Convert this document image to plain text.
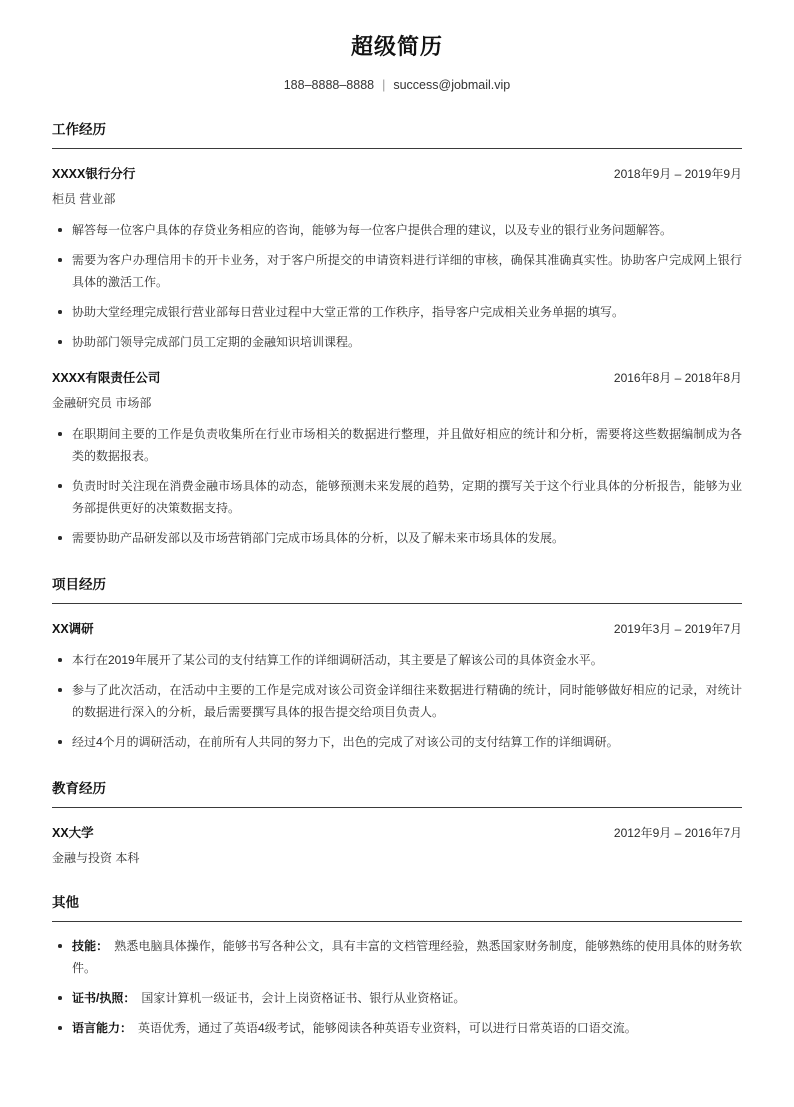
超级简历
188–8888–8888 | success@jobmail.vip
工作经历
XXXX银行分行	2018年9月 – 2019年9月
柜员 营业部
解答每一位客户具体的存贷业务相应的咨询，能够为每一位客户提供合理的建议，以及专业的银行业务问题解答。
需要为客户办理信用卡的开卡业务，对于客户所提交的申请资料进行详细的审核，确保其准确真实性。协助客户完成网上银行具体的激活工作。
协助大堂经理完成银行营业部每日营业过程中大堂正常的工作秩序，指导客户完成相关业务单据的填写。
协助部门领导完成部门员工定期的金融知识培训课程。
XXXX有限责任公司	2016年8月 – 2018年8月
金融研究员 市场部
在职期间主要的工作是负责收集所在行业市场相关的数据进行整理，并且做好相应的统计和分析，需要将这些数据编制成为各类的数据报表。
负责时时关注现在消费金融市场具体的动态，能够预测未来发展的趋势，定期的撰写关于这个行业具体的分析报告，能够为业务部提供更好的决策数据支持。
需要协助产品研发部以及市场营销部门完成市场具体的分析，以及了解未来市场具体的发展。
项目经历
XX调研	2019年3月 – 2019年7月
本行在2019年展开了某公司的支付结算工作的详细调研活动，其主要是了解该公司的具体资金水平。
参与了此次活动，在活动中主要的工作是完成对该公司资金详细往来数据进行精确的统计，同时能够做好相应的记录，对统计的数据进行深入的分析，最后需要撰写具体的报告提交给项目负责人。
经过4个月的调研活动，在前所有人共同的努力下，出色的完成了对该公司的支付结算工作的详细调研。
教育经历
XX大学	2012年9月 – 2016年7月
金融与投资 本科
其他
技能： 熟悉电脑具体操作，能够书写各种公文，具有丰富的文档管理经验，熟悉国家财务制度，能够熟练的使用具体的财务软件。
证书/执照： 国家计算机一级证书，会计上岗资格证书、银行从业资格证。
语言能力： 英语优秀，通过了英语4级考试，能够阅读各种英语专业资料，可以进行日常英语的口语交流。
